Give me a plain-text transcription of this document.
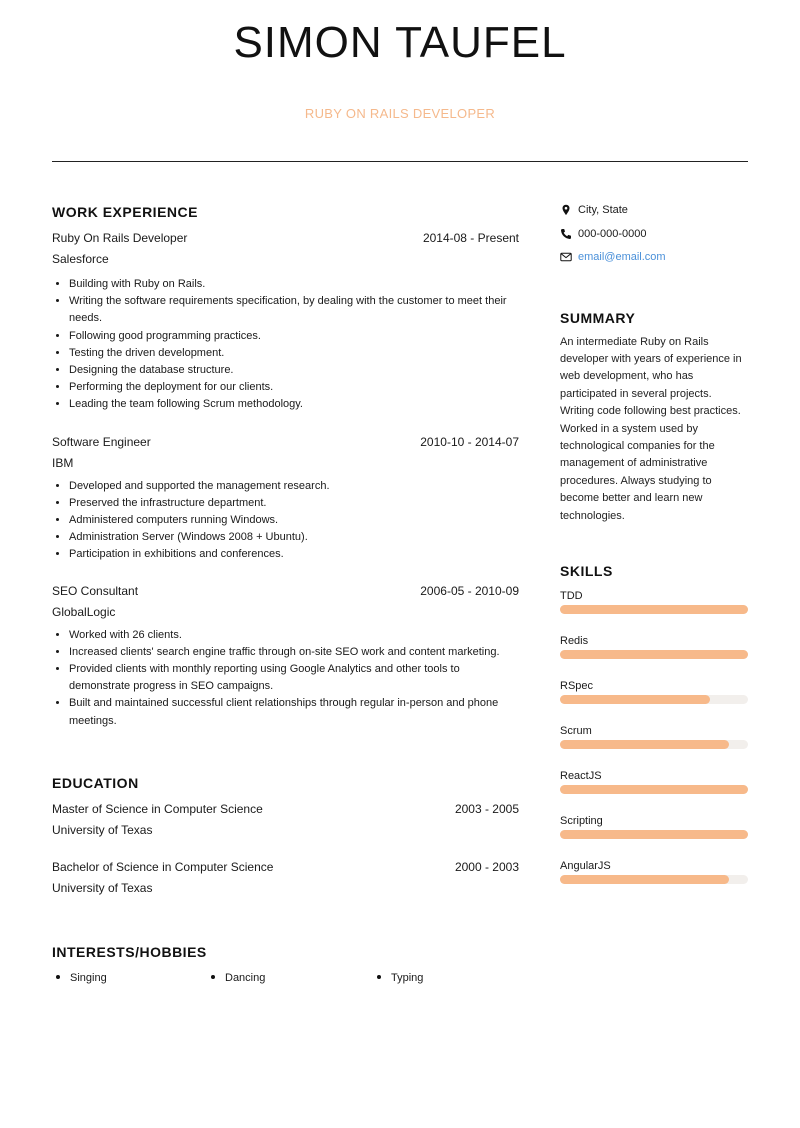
SIMON TAUFEL
RUBY ON RAILS DEVELOPER
WORK EXPERIENCE
Ruby On Rails Developer	2014-08 - Present
Salesforce
• Building with Ruby on Rails.
• Writing the software requirements specification, by dealing with the customer to meet their needs.
• Following good programming practices.
• Testing the driven development.
• Designing the database structure.
• Performing the deployment for our clients.
• Leading the team following Scrum methodology.
Software Engineer	2010-10 - 2014-07
IBM
• Developed and supported the management research.
• Preserved the infrastructure department.
• Administered computers running Windows.
• Administration Server (Windows 2008 + Ubuntu).
• Participation in exhibitions and conferences.
SEO Consultant	2006-05 - 2010-09
GlobalLogic
• Worked with 26 clients.
• Increased clients' search engine traffic through on-site SEO work and content marketing.
• Provided clients with monthly reporting using Google Analytics and other tools to demonstrate progress in SEO campaigns.
• Built and maintained successful client relationships through regular in-person and phone meetings.
EDUCATION
Master of Science in Computer Science	2003 - 2005
University of Texas
Bachelor of Science in Computer Science	2000 - 2003
University of Texas
INTERESTS/HOBBIES
Singing	Dancing	Typing
City, State
000-000-0000
email@email.com
SUMMARY

An intermediate Ruby on Rails developer with years of experience in web development, who has participated in several projects. Writing code following best practices. Worked in a system used by technological companies for the management of administrative procedures. Always studying to become better and learn new technologies.

SKILLS
TDD
Redis
RSpec
Scrum
ReactJS
Scripting
AngularJS
